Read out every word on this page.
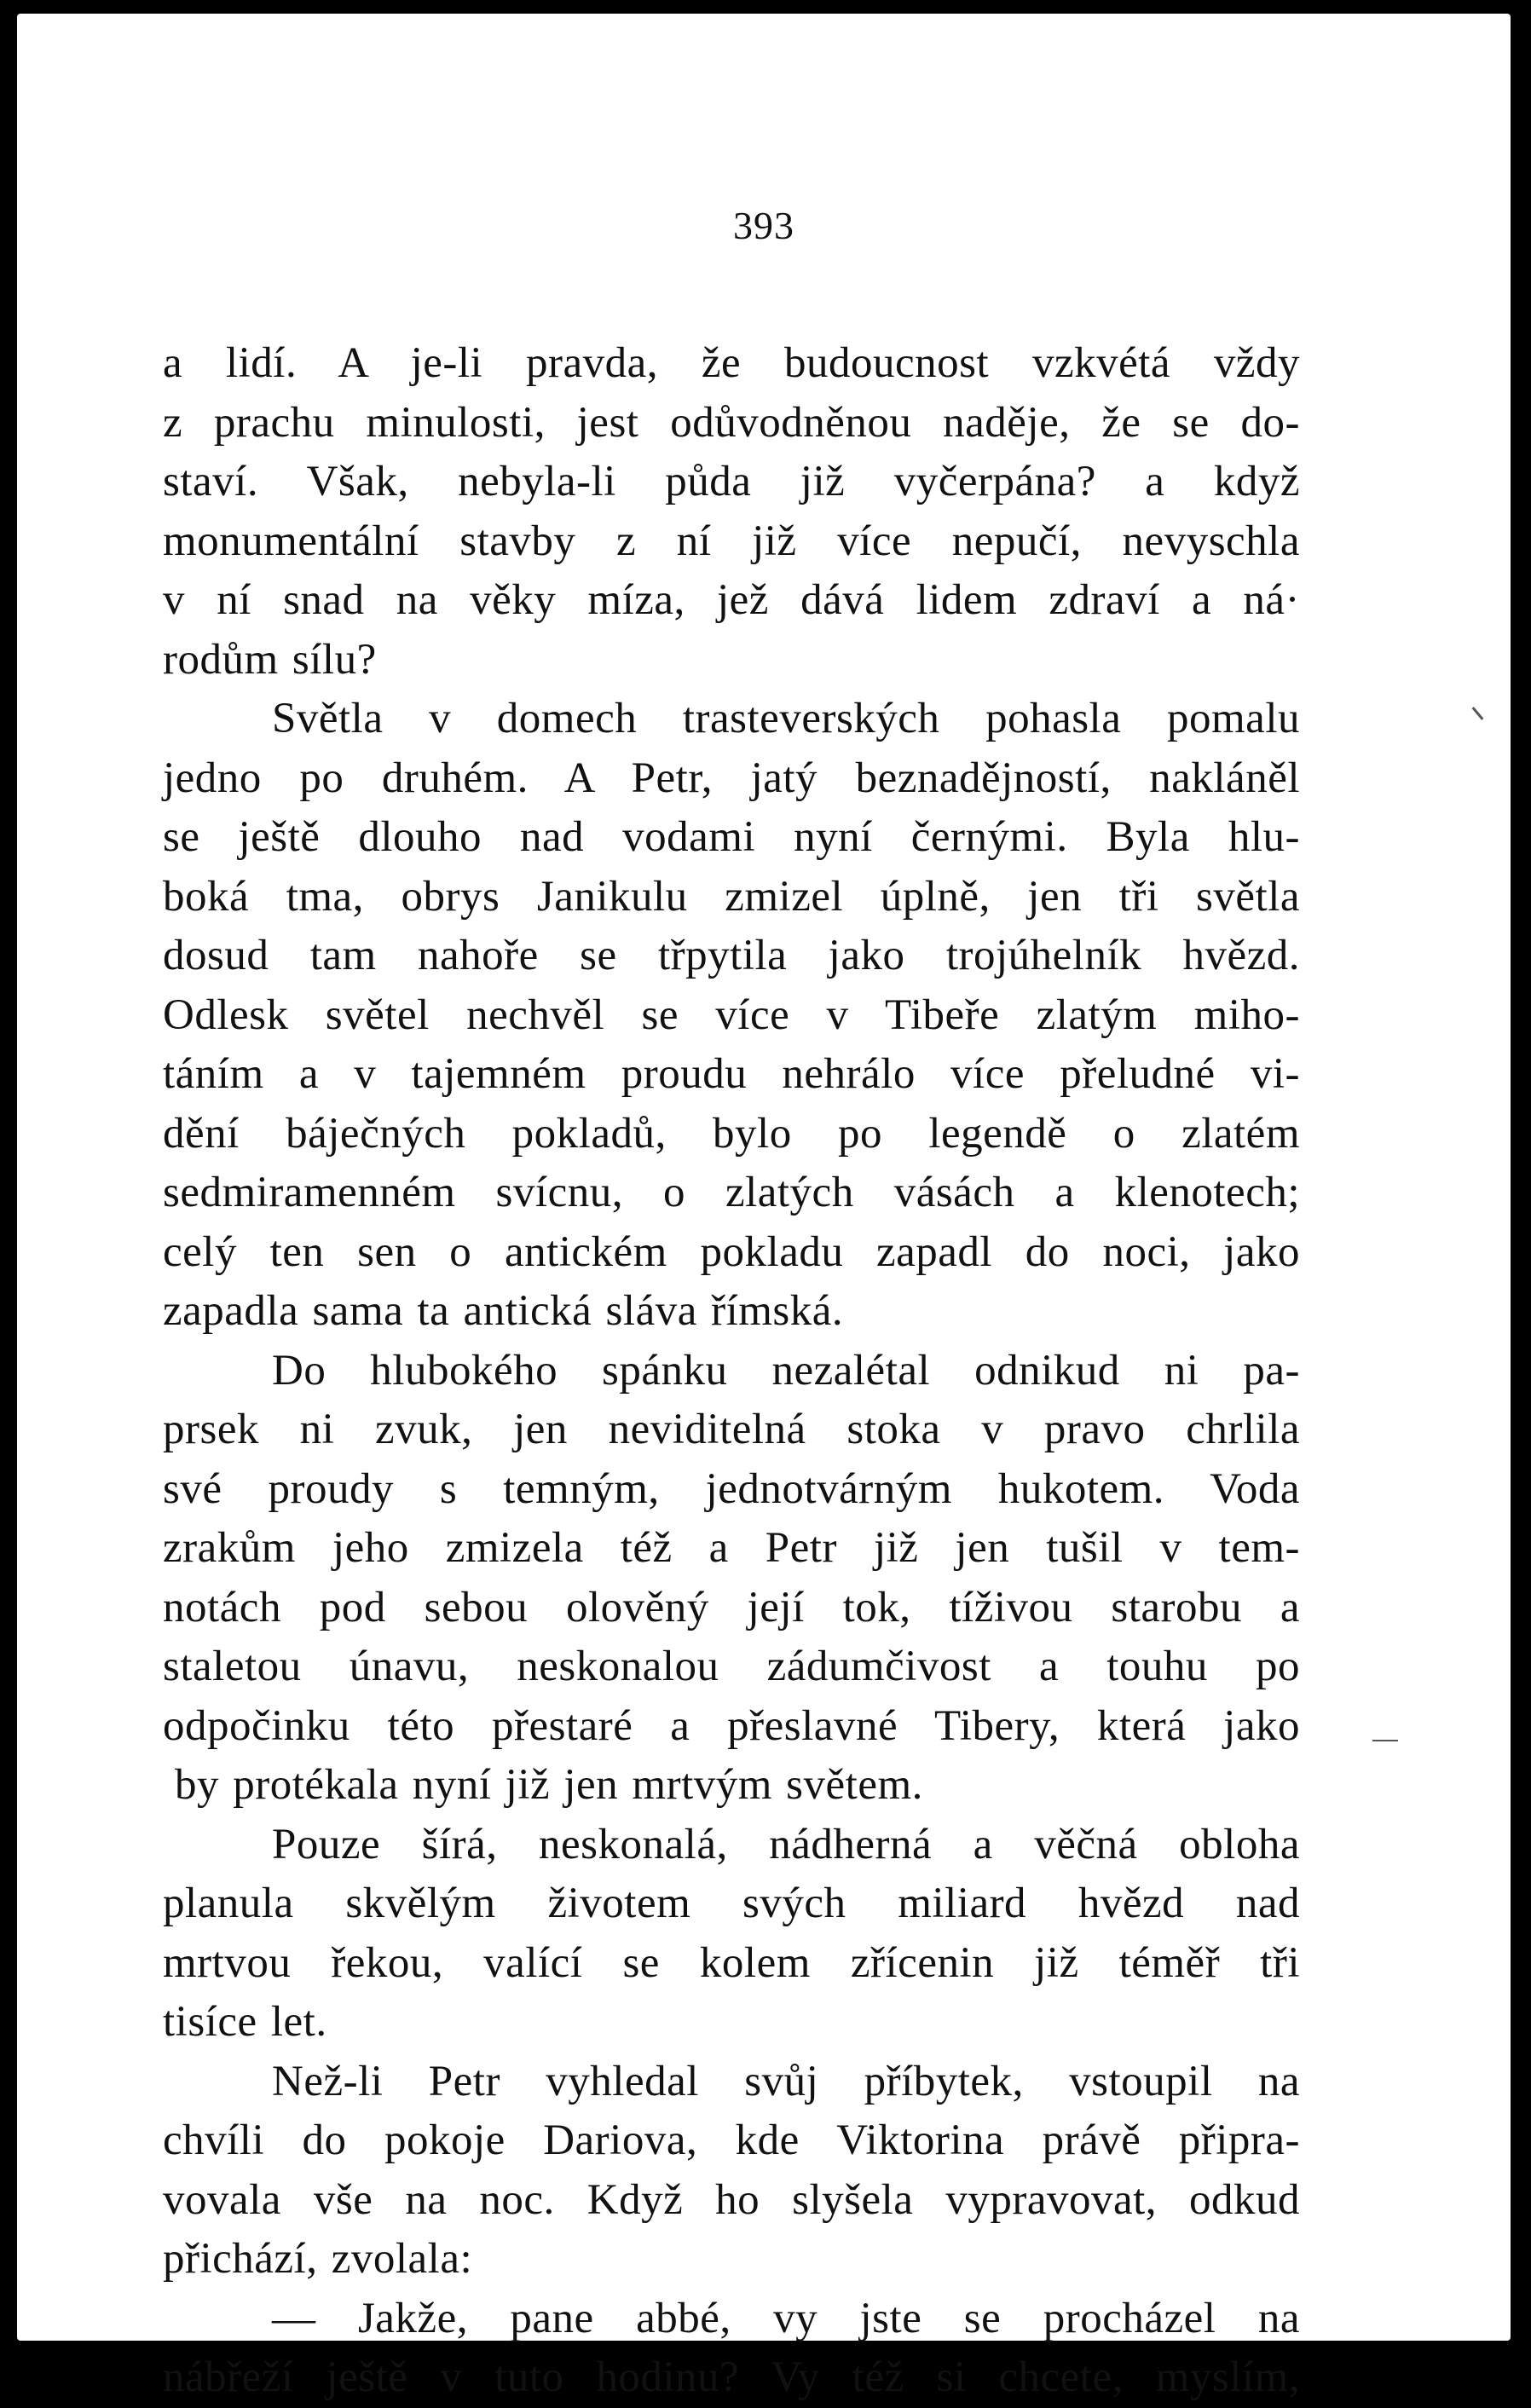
393
a lidí. A je-li pravda, že budoucnost vzkvétá vždy
z prachu minulosti, jest odůvodněnou naděje, že se do-
staví. Však, nebyla-li půda již vyčerpána? a když
monumentální stavby z ní již více nepučí, nevyschla
v ní snad na věky míza, jež dává lidem zdraví a ná·
rodům sílu?
Světla v domech trasteverských pohasla pomalu
jedno po druhém. A Petr, jatý beznadějností, nakláněl
se ještě dlouho nad vodami nyní černými. Byla hlu-
boká tma, obrys Janikulu zmizel úplně, jen tři světla
dosud tam nahoře se třpytila jako trojúhelník hvězd.
Odlesk světel nechvěl se více v Tibeře zlatým miho-
táním a v tajemném proudu nehrálo více přeludné vi-
dění báječných pokladů, bylo po legendě o zlatém
sedmiramenném svícnu, o zlatých vásách a klenotech;
celý ten sen o antickém pokladu zapadl do noci, jako
zapadla sama ta antická sláva římská.
Do hlubokého spánku nezalétal odnikud ni pa-
prsek ni zvuk, jen neviditelná stoka v pravo chrlila
své proudy s temným, jednotvárným hukotem. Voda
zrakům jeho zmizela též a Petr již jen tušil v tem-
notách pod sebou olověný její tok, tíživou starobu a
staletou únavu, neskonalou zádumčivost a touhu po
odpočinku této přestaré a přeslavné Tibery, která jako
by protékala nyní již jen mrtvým světem.
Pouze šírá, neskonalá, nádherná a věčná obloha
planula skvělým životem svých miliard hvězd nad
mrtvou řekou, valící se kolem zřícenin již téměř tři
tisíce let.
Než-li Petr vyhledal svůj příbytek, vstoupil na
chvíli do pokoje Dariova, kde Viktorina právě připra-
vovala vše na noc. Když ho slyšela vypravovat, odkud
přichází, zvolala:
— Jakže, pane abbé, vy jste se procházel na
nábřeží ještě v tuto hodinu? Vy též si chcete, myslím,
